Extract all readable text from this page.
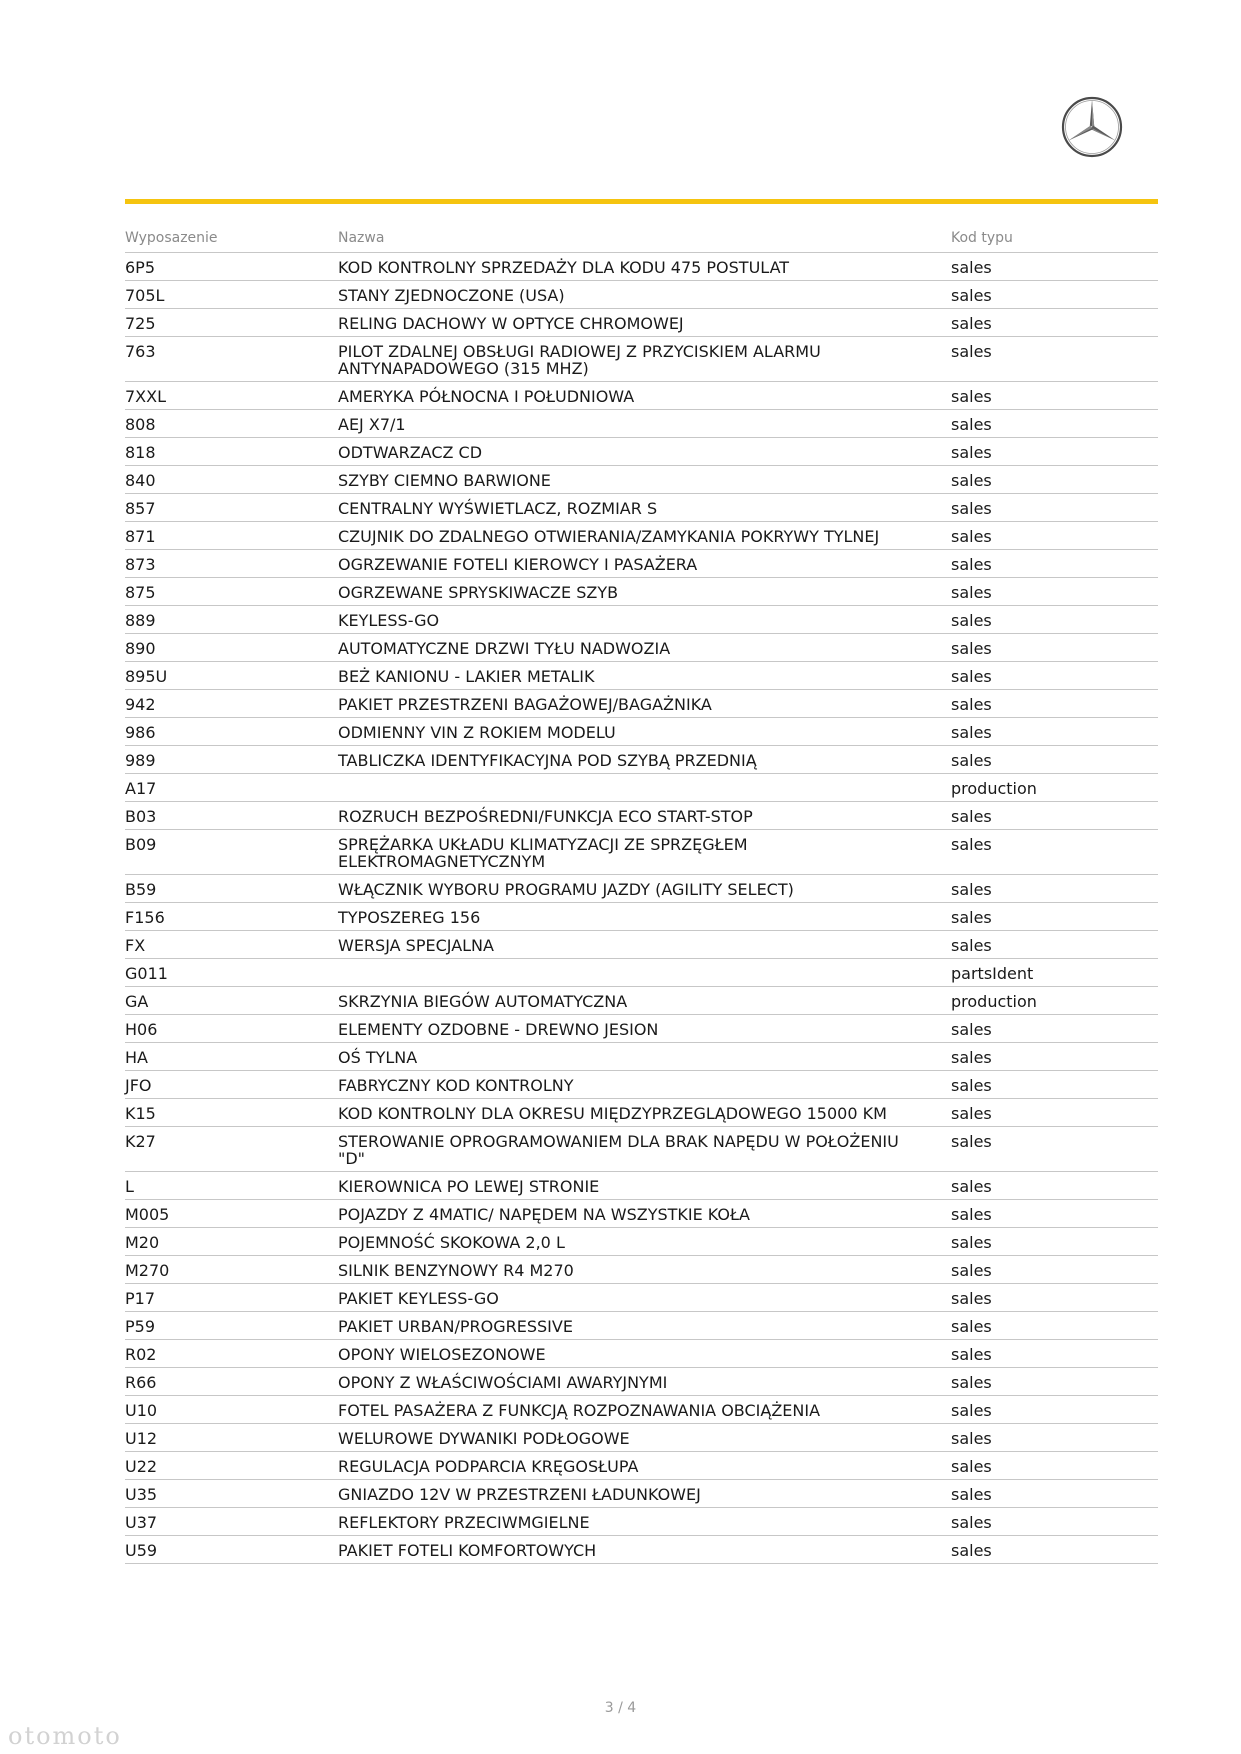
Wyposazenie	Nazwa	Kod typu
6P5	KOD KONTROLNY SPRZEDAŻY DLA KODU 475 POSTULAT	sales
705L	STANY ZJEDNOCZONE (USA)	sales
725	RELING DACHOWY W OPTYCE CHROMOWEJ	sales
763	PILOT ZDALNEJ OBSŁUGI RADIOWEJ Z PRZYCISKIEM ALARMU ANTYNAPADOWEGO (315 MHZ)	sales
7XXL	AMERYKA PÓŁNOCNA I POŁUDNIOWA	sales
808	AEJ X7/1	sales
818	ODTWARZACZ CD	sales
840	SZYBY CIEMNO BARWIONE	sales
857	CENTRALNY WYŚWIETLACZ, ROZMIAR S	sales
871	CZUJNIK DO ZDALNEGO OTWIERANIA/ZAMYKANIA POKRYWY TYLNEJ	sales
873	OGRZEWANIE FOTELI KIEROWCY I PASAŻERA	sales
875	OGRZEWANE SPRYSKIWACZE SZYB	sales
889	KEYLESS-GO	sales
890	AUTOMATYCZNE DRZWI TYŁU NADWOZIA	sales
895U	BEŻ KANIONU - LAKIER METALIK	sales
942	PAKIET PRZESTRZENI BAGAŻOWEJ/BAGAŻNIKA	sales
986	ODMIENNY VIN Z ROKIEM MODELU	sales
989	TABLICZKA IDENTYFIKACYJNA POD SZYBĄ PRZEDNIĄ	sales
A17		production
B03	ROZRUCH BEZPOŚREDNI/FUNKCJA ECO START-STOP	sales
B09	SPRĘŻARKA UKŁADU KLIMATYZACJI ZE SPRZĘGŁEM ELEKTROMAGNETYCZNYM	sales
B59	WŁĄCZNIK WYBORU PROGRAMU JAZDY (AGILITY SELECT)	sales
F156	TYPOSZEREG 156	sales
FX	WERSJA SPECJALNA	sales
G011		partsIdent
GA	SKRZYNIA BIEGÓW AUTOMATYCZNA	production
H06	ELEMENTY OZDOBNE - DREWNO JESION	sales
HA	OŚ TYLNA	sales
JFO	FABRYCZNY KOD KONTROLNY	sales
K15	KOD KONTROLNY DLA OKRESU MIĘDZYPRZEGLĄDOWEGO 15000 KM	sales
K27	STEROWANIE OPROGRAMOWANIEM DLA BRAK NAPĘDU W POŁOŻENIU "D"	sales
L	KIEROWNICA PO LEWEJ STRONIE	sales
M005	POJAZDY Z 4MATIC/ NAPĘDEM NA WSZYSTKIE KOŁA	sales
M20	POJEMNOŚĆ SKOKOWA 2,0 L	sales
M270	SILNIK BENZYNOWY R4 M270	sales
P17	PAKIET KEYLESS-GO	sales
P59	PAKIET URBAN/PROGRESSIVE	sales
R02	OPONY WIELOSEZONOWE	sales
R66	OPONY Z WŁAŚCIWOŚCIAMI AWARYJNYMI	sales
U10	FOTEL PASAŻERA Z FUNKCJĄ ROZPOZNAWANIA OBCIĄŻENIA	sales
U12	WELUROWE DYWANIKI PODŁOGOWE	sales
U22	REGULACJA PODPARCIA KRĘGOSŁUPA	sales
U35	GNIAZDO 12V W PRZESTRZENI ŁADUNKOWEJ	sales
U37	REFLEKTORY PRZECIWMGIELNE	sales
U59	PAKIET FOTELI KOMFORTOWYCH	sales
3 / 4
otomoto
